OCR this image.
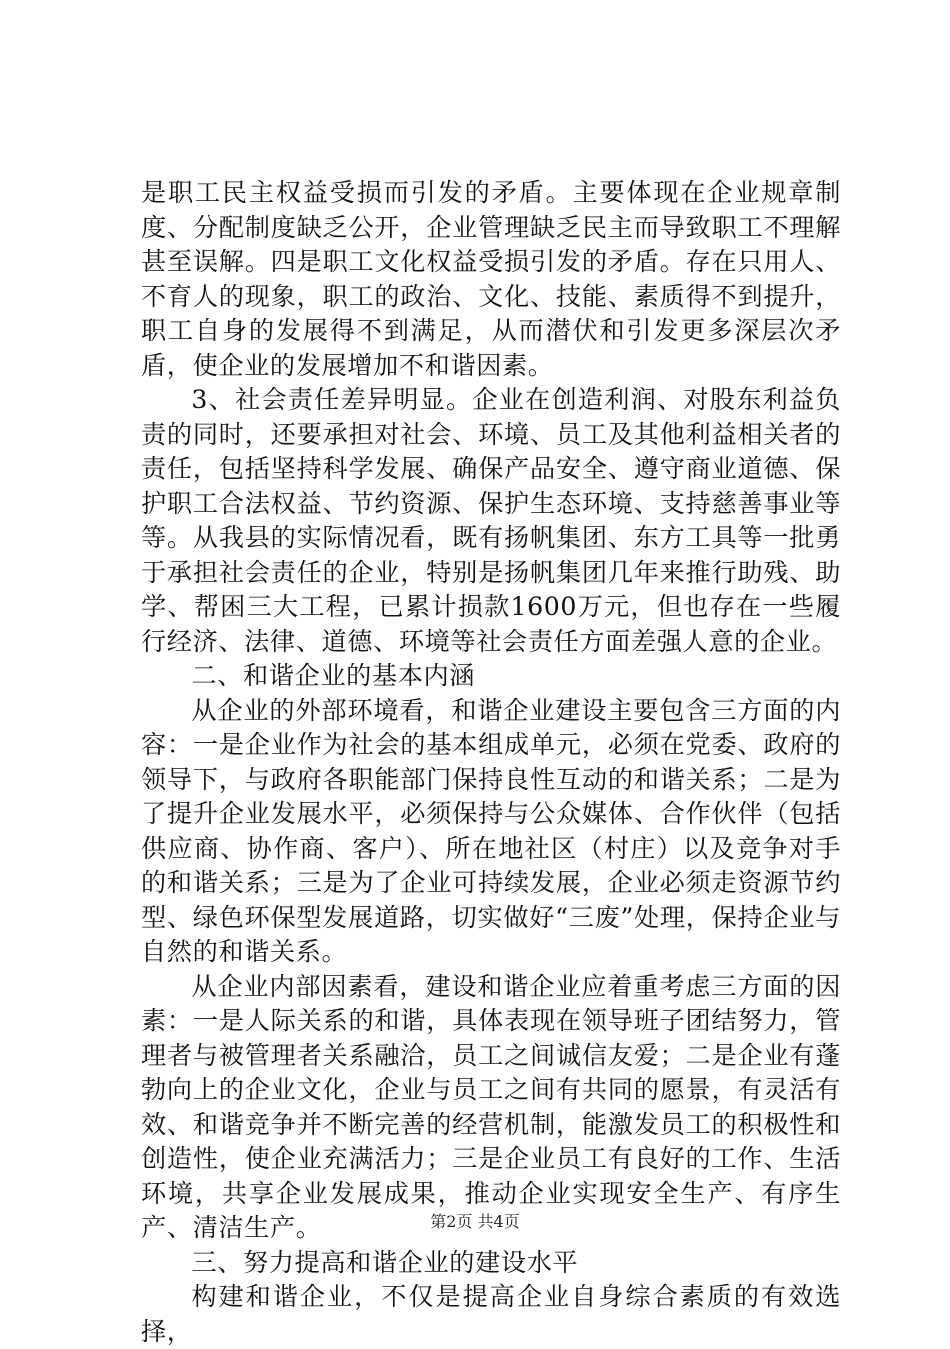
是职工民主权益受损而引发的矛盾。主要体现在企业规章制度、分配制度缺乏公开，企业管理缺乏民主而导致职工不理解甚至误解。四是职工文化权益受损引发的矛盾。存在只用人、不育人的现象，职工的政治、文化、技能、素质得不到提升，职工自身的发展得不到满足，从而潜伏和引发更多深层次矛盾，使企业的发展增加不和谐因素。

3、社会责任差异明显。企业在创造利润、对股东利益负责的同时，还要承担对社会、环境、员工及其他利益相关者的责任，包括坚持科学发展、确保产品安全、遵守商业道德、保护职工合法权益、节约资源、保护生态环境、支持慈善事业等等。从我县的实际情况看，既有扬帆集团、东方工具等一批勇于承担社会责任的企业，特别是扬帆集团几年来推行助残、助学、帮困三大工程，已累计损款1600万元，但也存在一些履行经济、法律、道德、环境等社会责任方面差强人意的企业。

二、和谐企业的基本内涵

从企业的外部环境看，和谐企业建设主要包含三方面的内容：一是企业作为社会的基本组成单元，必须在党委、政府的领导下，与政府各职能部门保持良性互动的和谐关系；二是为了提升企业发展水平，必须保持与公众媒体、合作伙伴（包括供应商、协作商、客户）、所在地社区（村庄）以及竞争对手的和谐关系；三是为了企业可持续发展，企业必须走资源节约型、绿色环保型发展道路，切实做好“三废”处理，保持企业与自然的和谐关系。

从企业内部因素看，建设和谐企业应着重考虑三方面的因素：一是人际关系的和谐，具体表现在领导班子团结努力，管理者与被管理者关系融洽，员工之间诚信友爱；二是企业有蓬勃向上的企业文化，企业与员工之间有共同的愿景，有灵活有效、和谐竞争并不断完善的经营机制，能激发员工的积极性和创造性，使企业充满活力；三是企业员工有良好的工作、生活环境，共享企业发展成果，推动企业实现安全生产、有序生产、清洁生产。

三、努力提高和谐企业的建设水平

构建和谐企业，不仅是提高企业自身综合素质的有效选择，

第2页 共4页
